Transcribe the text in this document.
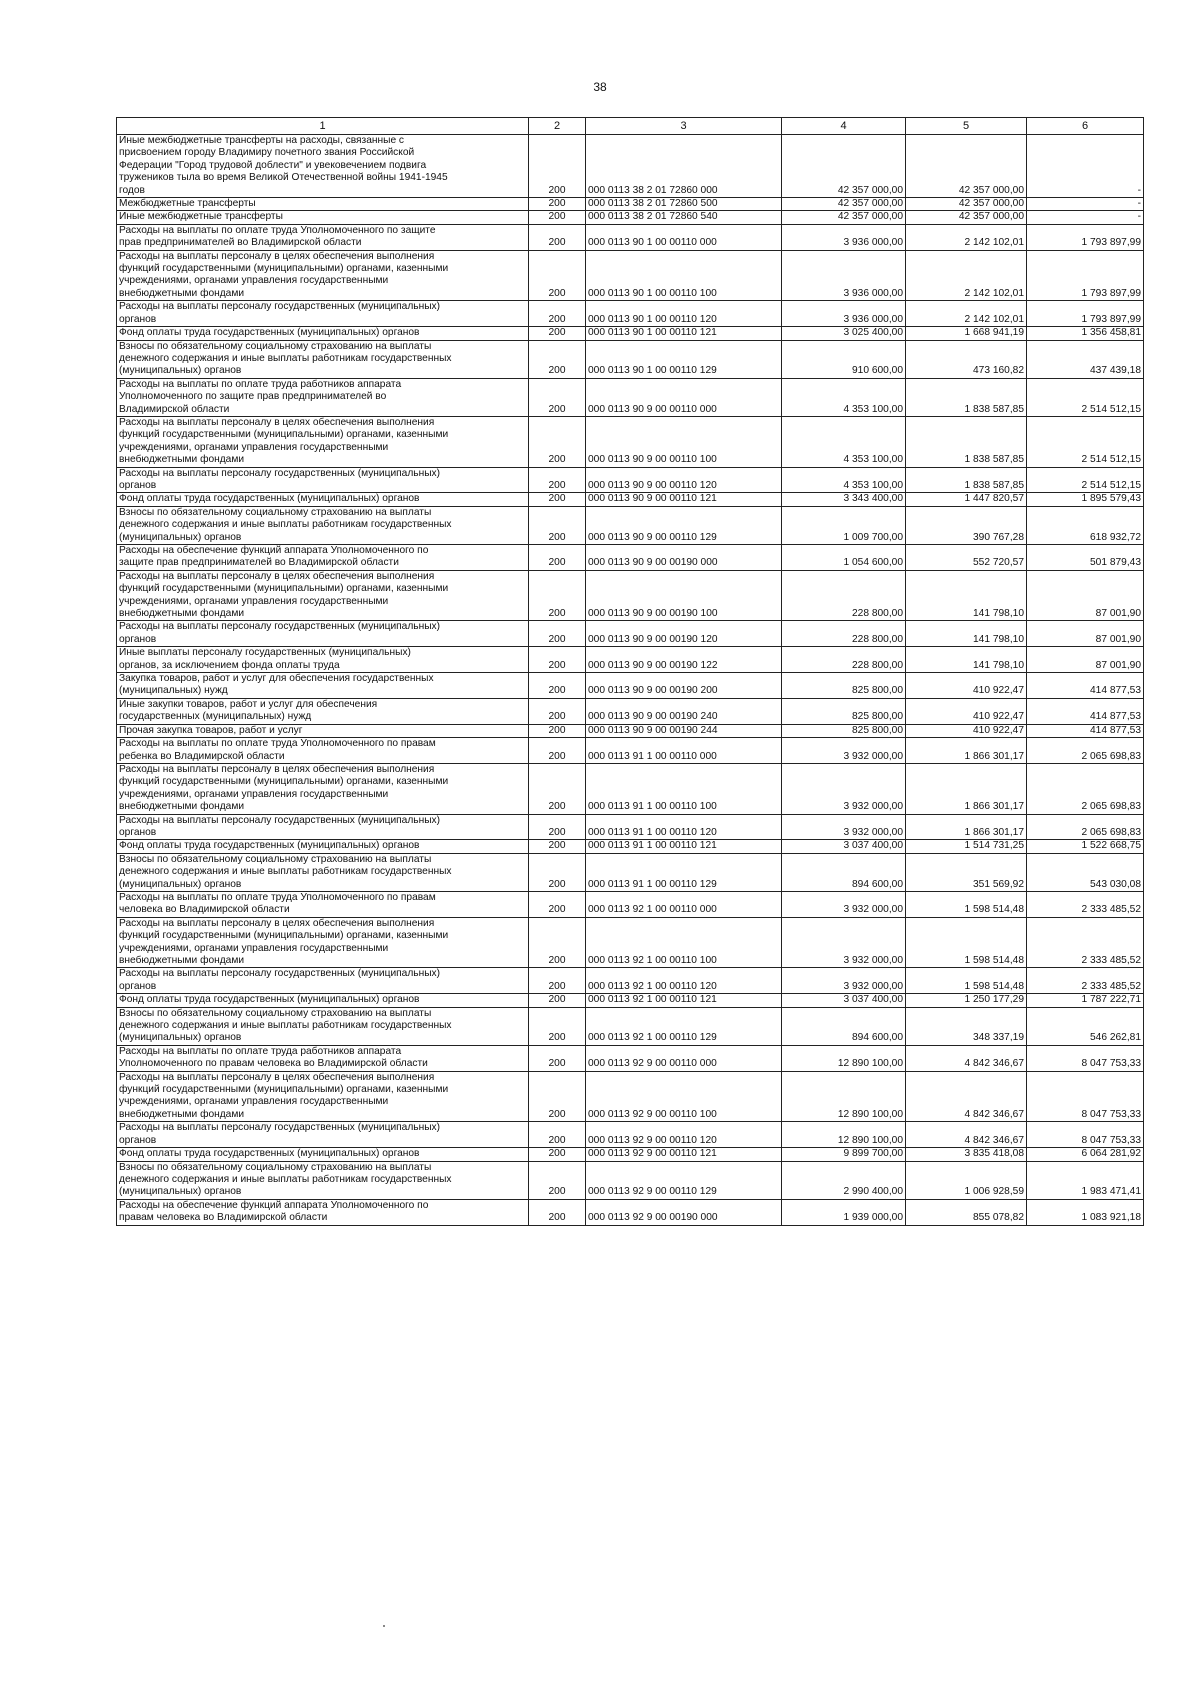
38
1	2	3	4	5	6

Иные межбюджетные трансферты на расходы, связанные с
присвоением городу Владимиру почетного звания Российской
Федерации "Город трудовой доблести" и увековечением подвига
тружеников тыла во время Великой Отечественной войны 1941-1945
годов	200	000 0113 38 2 01 72860 000	42 357 000,00	42 357 000,00	-

Межбюджетные трансферты	200	000 0113 38 2 01 72860 500	42 357 000,00	42 357 000,00	-

Иные межбюджетные трансферты	200	000 0113 38 2 01 72860 540	42 357 000,00	42 357 000,00	-

Расходы на выплаты по оплате труда Уполномоченного по защите
прав предпринимателей во Владимирской области	200	000 0113 90 1 00 00110 000	3 936 000,00	2 142 102,01	1 793 897,99

Расходы на выплаты персоналу в целях обеспечения выполнения
функций государственными (муниципальными) органами, казенными
учреждениями, органами управления государственными
внебюджетными фондами	200	000 0113 90 1 00 00110 100	3 936 000,00	2 142 102,01	1 793 897,99

Расходы на выплаты персоналу государственных (муниципальных)
органов	200	000 0113 90 1 00 00110 120	3 936 000,00	2 142 102,01	1 793 897,99

Фонд оплаты труда государственных (муниципальных) органов	200	000 0113 90 1 00 00110 121	3 025 400,00	1 668 941,19	1 356 458,81

Взносы по обязательному социальному страхованию на выплаты
денежного содержания и иные выплаты работникам государственных
(муниципальных) органов	200	000 0113 90 1 00 00110 129	910 600,00	473 160,82	437 439,18

Расходы на выплаты по оплате труда работников аппарата
Уполномоченного по защите прав предпринимателей во
Владимирской области	200	000 0113 90 9 00 00110 000	4 353 100,00	1 838 587,85	2 514 512,15

Расходы на выплаты персоналу в целях обеспечения выполнения
функций государственными (муниципальными) органами, казенными
учреждениями, органами управления государственными
внебюджетными фондами	200	000 0113 90 9 00 00110 100	4 353 100,00	1 838 587,85	2 514 512,15

Расходы на выплаты персоналу государственных (муниципальных)
органов	200	000 0113 90 9 00 00110 120	4 353 100,00	1 838 587,85	2 514 512,15

Фонд оплаты труда государственных (муниципальных) органов	200	000 0113 90 9 00 00110 121	3 343 400,00	1 447 820,57	1 895 579,43

Взносы по обязательному социальному страхованию на выплаты
денежного содержания и иные выплаты работникам государственных
(муниципальных) органов	200	000 0113 90 9 00 00110 129	1 009 700,00	390 767,28	618 932,72

Расходы на обеспечение функций аппарата Уполномоченного по
защите прав предпринимателей во Владимирской области	200	000 0113 90 9 00 00190 000	1 054 600,00	552 720,57	501 879,43

Расходы на выплаты персоналу в целях обеспечения выполнения
функций государственными (муниципальными) органами, казенными
учреждениями, органами управления государственными
внебюджетными фондами	200	000 0113 90 9 00 00190 100	228 800,00	141 798,10	87 001,90

Расходы на выплаты персоналу государственных (муниципальных)
органов	200	000 0113 90 9 00 00190 120	228 800,00	141 798,10	87 001,90

Иные выплаты персоналу государственных (муниципальных)
органов, за исключением фонда оплаты труда	200	000 0113 90 9 00 00190 122	228 800,00	141 798,10	87 001,90

Закупка товаров, работ и услуг для обеспечения государственных
(муниципальных) нужд	200	000 0113 90 9 00 00190 200	825 800,00	410 922,47	414 877,53

Иные закупки товаров, работ и услуг для обеспечения
государственных (муниципальных) нужд	200	000 0113 90 9 00 00190 240	825 800,00	410 922,47	414 877,53

Прочая закупка товаров, работ и услуг	200	000 0113 90 9 00 00190 244	825 800,00	410 922,47	414 877,53

Расходы на выплаты по оплате труда Уполномоченного по правам
ребенка во Владимирской области	200	000 0113 91 1 00 00110 000	3 932 000,00	1 866 301,17	2 065 698,83

Расходы на выплаты персоналу в целях обеспечения выполнения
функций государственными (муниципальными) органами, казенными
учреждениями, органами управления государственными
внебюджетными фондами	200	000 0113 91 1 00 00110 100	3 932 000,00	1 866 301,17	2 065 698,83

Расходы на выплаты персоналу государственных (муниципальных)
органов	200	000 0113 91 1 00 00110 120	3 932 000,00	1 866 301,17	2 065 698,83

Фонд оплаты труда государственных (муниципальных) органов	200	000 0113 91 1 00 00110 121	3 037 400,00	1 514 731,25	1 522 668,75

Взносы по обязательному социальному страхованию на выплаты
денежного содержания и иные выплаты работникам государственных
(муниципальных) органов	200	000 0113 91 1 00 00110 129	894 600,00	351 569,92	543 030,08

Расходы на выплаты по оплате труда Уполномоченного по правам
человека во Владимирской области	200	000 0113 92 1 00 00110 000	3 932 000,00	1 598 514,48	2 333 485,52

Расходы на выплаты персоналу в целях обеспечения выполнения
функций государственными (муниципальными) органами, казенными
учреждениями, органами управления государственными
внебюджетными фондами	200	000 0113 92 1 00 00110 100	3 932 000,00	1 598 514,48	2 333 485,52

Расходы на выплаты персоналу государственных (муниципальных)
органов	200	000 0113 92 1 00 00110 120	3 932 000,00	1 598 514,48	2 333 485,52

Фонд оплаты труда государственных (муниципальных) органов	200	000 0113 92 1 00 00110 121	3 037 400,00	1 250 177,29	1 787 222,71

Взносы по обязательному социальному страхованию на выплаты
денежного содержания и иные выплаты работникам государственных
(муниципальных) органов	200	000 0113 92 1 00 00110 129	894 600,00	348 337,19	546 262,81

Расходы на выплаты по оплате труда работников аппарата
Уполномоченного по правам человека во Владимирской области	200	000 0113 92 9 00 00110 000	12 890 100,00	4 842 346,67	8 047 753,33

Расходы на выплаты персоналу в целях обеспечения выполнения
функций государственными (муниципальными) органами, казенными
учреждениями, органами управления государственными
внебюджетными фондами	200	000 0113 92 9 00 00110 100	12 890 100,00	4 842 346,67	8 047 753,33

Расходы на выплаты персоналу государственных (муниципальных)
органов	200	000 0113 92 9 00 00110 120	12 890 100,00	4 842 346,67	8 047 753,33

Фонд оплаты труда государственных (муниципальных) органов	200	000 0113 92 9 00 00110 121	9 899 700,00	3 835 418,08	6 064 281,92

Взносы по обязательному социальному страхованию на выплаты
денежного содержания и иные выплаты работникам государственных
(муниципальных) органов	200	000 0113 92 9 00 00110 129	2 990 400,00	1 006 928,59	1 983 471,41

Расходы на обеспечение функций аппарата Уполномоченного по
правам человека во Владимирской области	200	000 0113 92 9 00 00190 000	1 939 000,00	855 078,82	1 083 921,18
